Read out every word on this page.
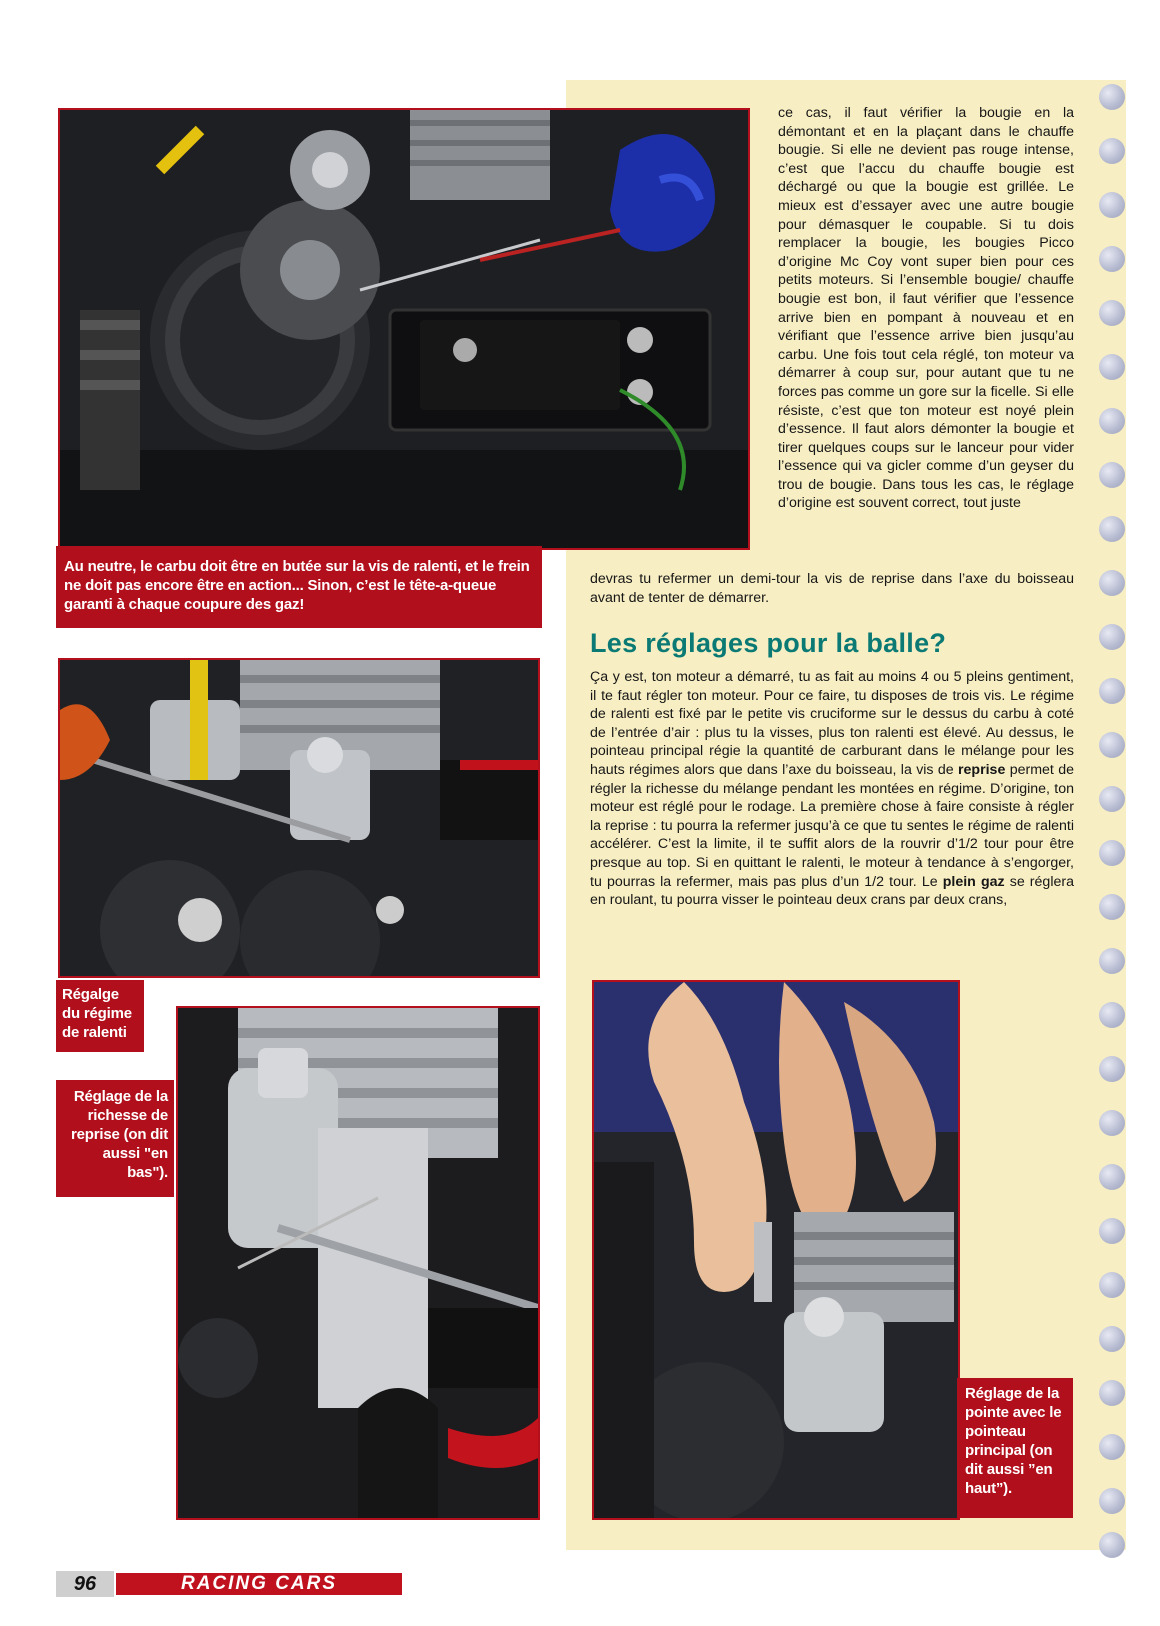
Au neutre, le carbu doit être en butée sur la vis de ralenti, et le frein ne doit pas encore être en action... Sinon, c’est le tête-a-queue garanti à chaque coupure des gaz!
Régalge du régime de ralenti
Réglage de la richesse de reprise (on dit aussi "en bas").
Réglage de la pointe avec le pointeau principal (on dit aussi ”en haut”).
ce cas, il faut vérifier la bougie en la démontant et en la plaçant dans le chauffe bougie. Si elle ne devient pas rouge intense, c’est que l’accu du chauffe bougie est déchargé ou que la bougie est grillée. Le mieux est d’essayer avec une autre bougie pour démasquer le coupable. Si tu dois remplacer la bougie, les bougies Picco d’origine Mc Coy vont super bien pour ces petits moteurs. Si l’ensemble bougie/ chauffe bougie est bon, il faut vérifier que l’essence arrive bien en pompant à nouveau et en vérifiant que l’essence arrive bien jusqu’au carbu. Une fois tout cela réglé, ton moteur va démarrer à coup sur, pour autant que tu ne forces pas comme un gore sur la ficelle. Si elle résiste, c’est que ton moteur est noyé plein d’essence. Il faut alors démonter la bougie et tirer quelques coups sur le lanceur pour vider l’essence qui va gicler comme d’un geyser du trou de bougie. Dans tous les cas, le réglage d’origine est souvent correct, tout juste
devras tu refermer un demi-tour la vis de reprise dans l’axe du boisseau avant de tenter de démarrer.
Les réglages pour la balle?
Ça y est, ton moteur a démarré, tu as fait au moins 4 ou 5 pleins gentiment, il te faut régler ton moteur. Pour ce faire, tu disposes de trois vis. Le régime de ralenti est fixé par le petite vis cruciforme sur le dessus du carbu à coté de l’entrée d’air : plus tu la visses, plus ton ralenti est élevé. Au dessus, le pointeau principal régie la quantité de carburant dans le mélange pour les hauts régimes alors que dans l’axe du boisseau, la vis de reprise permet de régler la richesse du mélange pendant les montées en régime. D’origine, ton moteur est réglé pour le rodage. La première chose à faire consiste à régler la reprise : tu pourra la refermer jusqu’à ce que tu sentes le régime de ralenti accélérer. C’est la limite, il te suffit alors de la rouvrir d’1/2 tour pour être presque au top. Si en quittant le ralenti, le moteur à tendance à s’engorger, tu pourras la refermer, mais pas plus d’un 1/2 tour. Le plein gaz se réglera en roulant, tu pourra visser le pointeau deux crans par deux crans,
96	RACING CARS
